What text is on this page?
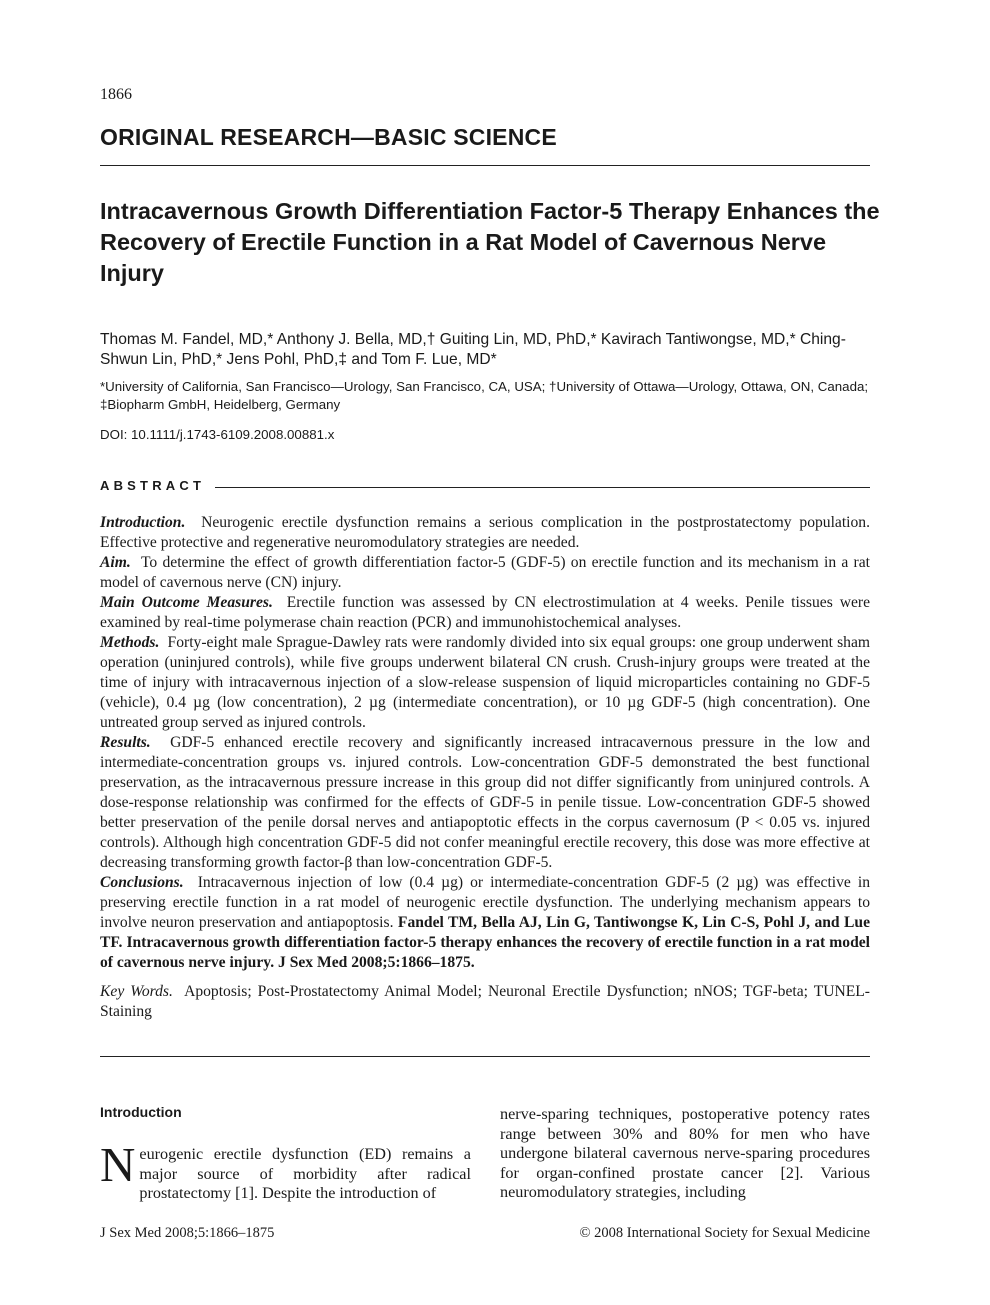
1866
ORIGINAL RESEARCH—BASIC SCIENCE
Intracavernous Growth Differentiation Factor-5 Therapy Enhances the Recovery of Erectile Function in a Rat Model of Cavernous Nerve Injury
Thomas M. Fandel, MD,* Anthony J. Bella, MD,† Guiting Lin, MD, PhD,* Kavirach Tantiwongse, MD,* Ching-Shwun Lin, PhD,* Jens Pohl, PhD,‡ and Tom F. Lue, MD*
*University of California, San Francisco—Urology, San Francisco, CA, USA; †University of Ottawa—Urology, Ottawa, ON, Canada; ‡Biopharm GmbH, Heidelberg, Germany
DOI: 10.1111/j.1743-6109.2008.00881.x
ABSTRACT

Introduction. Neurogenic erectile dysfunction remains a serious complication in the postprostatectomy population. Effective protective and regenerative neuromodulatory strategies are needed.

Aim. To determine the effect of growth differentiation factor-5 (GDF-5) on erectile function and its mechanism in a rat model of cavernous nerve (CN) injury.

Main Outcome Measures. Erectile function was assessed by CN electrostimulation at 4 weeks. Penile tissues were examined by real-time polymerase chain reaction (PCR) and immunohistochemical analyses.

Methods. Forty-eight male Sprague-Dawley rats were randomly divided into six equal groups: one group underwent sham operation (uninjured controls), while five groups underwent bilateral CN crush. Crush-injury groups were treated at the time of injury with intracavernous injection of a slow-release suspension of liquid microparticles containing no GDF-5 (vehicle), 0.4 µg (low concentration), 2 µg (intermediate concentration), or 10 µg GDF-5 (high concentration). One untreated group served as injured controls.

Results. GDF-5 enhanced erectile recovery and significantly increased intracavernous pressure in the low and intermediate-concentration groups vs. injured controls. Low-concentration GDF-5 demonstrated the best functional preservation, as the intracavernous pressure increase in this group did not differ significantly from uninjured controls. A dose-response relationship was confirmed for the effects of GDF-5 in penile tissue. Low-concentration GDF-5 showed better preservation of the penile dorsal nerves and antiapoptotic effects in the corpus cavernosum (P < 0.05 vs. injured controls). Although high concentration GDF-5 did not confer meaningful erectile recovery, this dose was more effective at decreasing transforming growth factor-β than low-concentration GDF-5.

Conclusions. Intracavernous injection of low (0.4 µg) or intermediate-concentration GDF-5 (2 µg) was effective in preserving erectile function in a rat model of neurogenic erectile dysfunction. The underlying mechanism appears to involve neuron preservation and antiapoptosis. Fandel TM, Bella AJ, Lin G, Tantiwongse K, Lin C-S, Pohl J, and Lue TF. Intracavernous growth differentiation factor-5 therapy enhances the recovery of erectile function in a rat model of cavernous nerve injury. J Sex Med 2008;5:1866–1875.

Key Words. Apoptosis; Post-Prostatectomy Animal Model; Neuronal Erectile Dysfunction; nNOS; TGF-beta; TUNEL-Staining

Introduction
N eurogenic erectile dysfunction (ED) remains a major source of morbidity after radical prostatectomy [1]. Despite the introduction of
nerve-sparing techniques, postoperative potency rates range between 30% and 80% for men who have undergone bilateral cavernous nerve-sparing procedures for organ-confined prostate cancer [2]. Various neuromodulatory strategies, including
J Sex Med 2008;5:1866–1875	© 2008 International Society for Sexual Medicine
